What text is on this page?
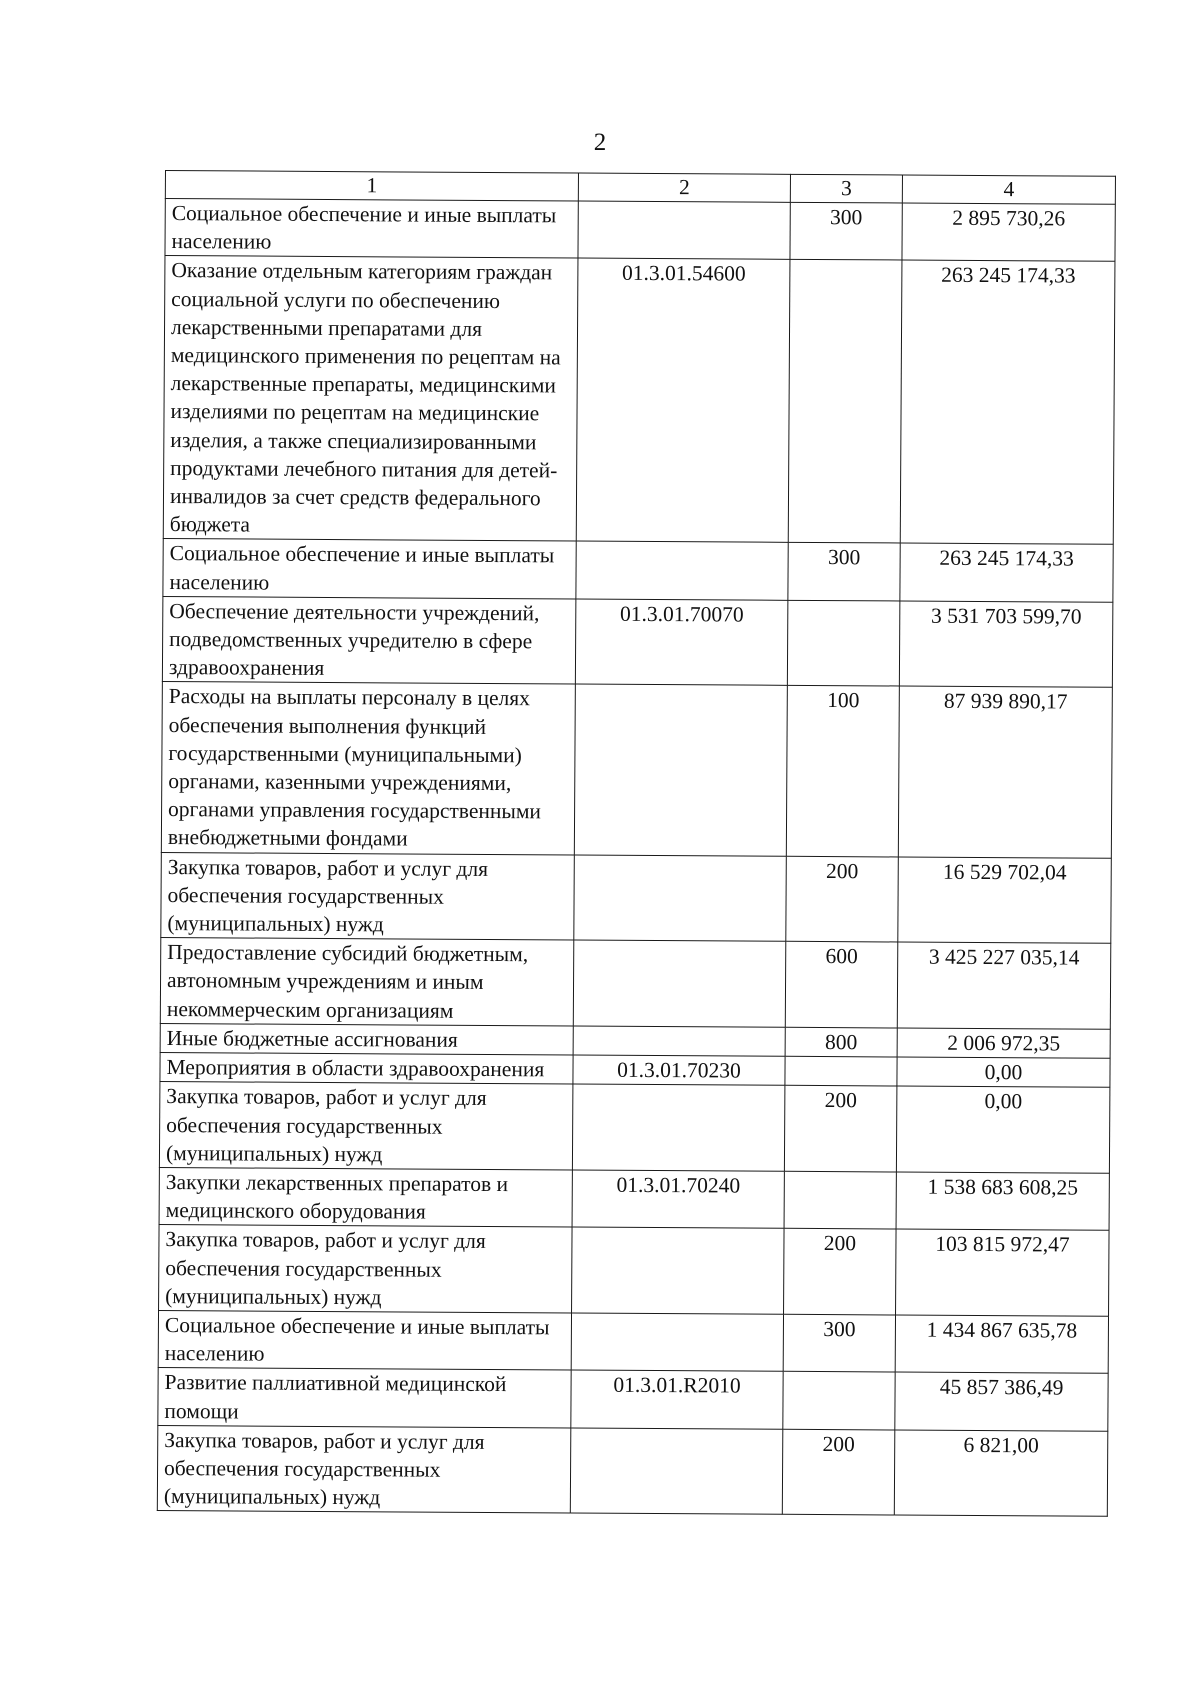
2
1	2	3	4
Социальное обеспечение и иные выплаты населению		300	2 895 730,26
Оказание отдельным категориям граждан социальной услуги по обеспечению лекарственными препаратами для медицинского применения по рецептам на лекарственные препараты, медицинскими изделиями по рецептам на медицинские изделия, а также специализированными продуктами лечебного питания для детей-инвалидов за счет средств федерального бюджета	01.3.01.54600		263 245 174,33
Социальное обеспечение и иные выплаты населению		300	263 245 174,33
Обеспечение деятельности учреждений, подведомственных учредителю в сфере здравоохранения	01.3.01.70070		3 531 703 599,70
Расходы на выплаты персоналу в целях обеспечения выполнения функций государственными (муниципальными) органами, казенными учреждениями, органами управления государственными внебюджетными фондами		100	87 939 890,17
Закупка товаров, работ и услуг для обеспечения государственных (муниципальных) нужд		200	16 529 702,04
Предоставление субсидий бюджетным, автономным учреждениям и иным некоммерческим организациям		600	3 425 227 035,14
Иные бюджетные ассигнования		800	2 006 972,35
Мероприятия в области здравоохранения	01.3.01.70230		0,00
Закупка товаров, работ и услуг для обеспечения государственных (муниципальных) нужд		200	0,00
Закупки лекарственных препаратов и медицинского оборудования	01.3.01.70240		1 538 683 608,25
Закупка товаров, работ и услуг для обеспечения государственных (муниципальных) нужд		200	103 815 972,47
Социальное обеспечение и иные выплаты населению		300	1 434 867 635,78
Развитие паллиативной медицинской помощи	01.3.01.R2010		45 857 386,49
Закупка товаров, работ и услуг для обеспечения государственных (муниципальных) нужд		200	6 821,00
